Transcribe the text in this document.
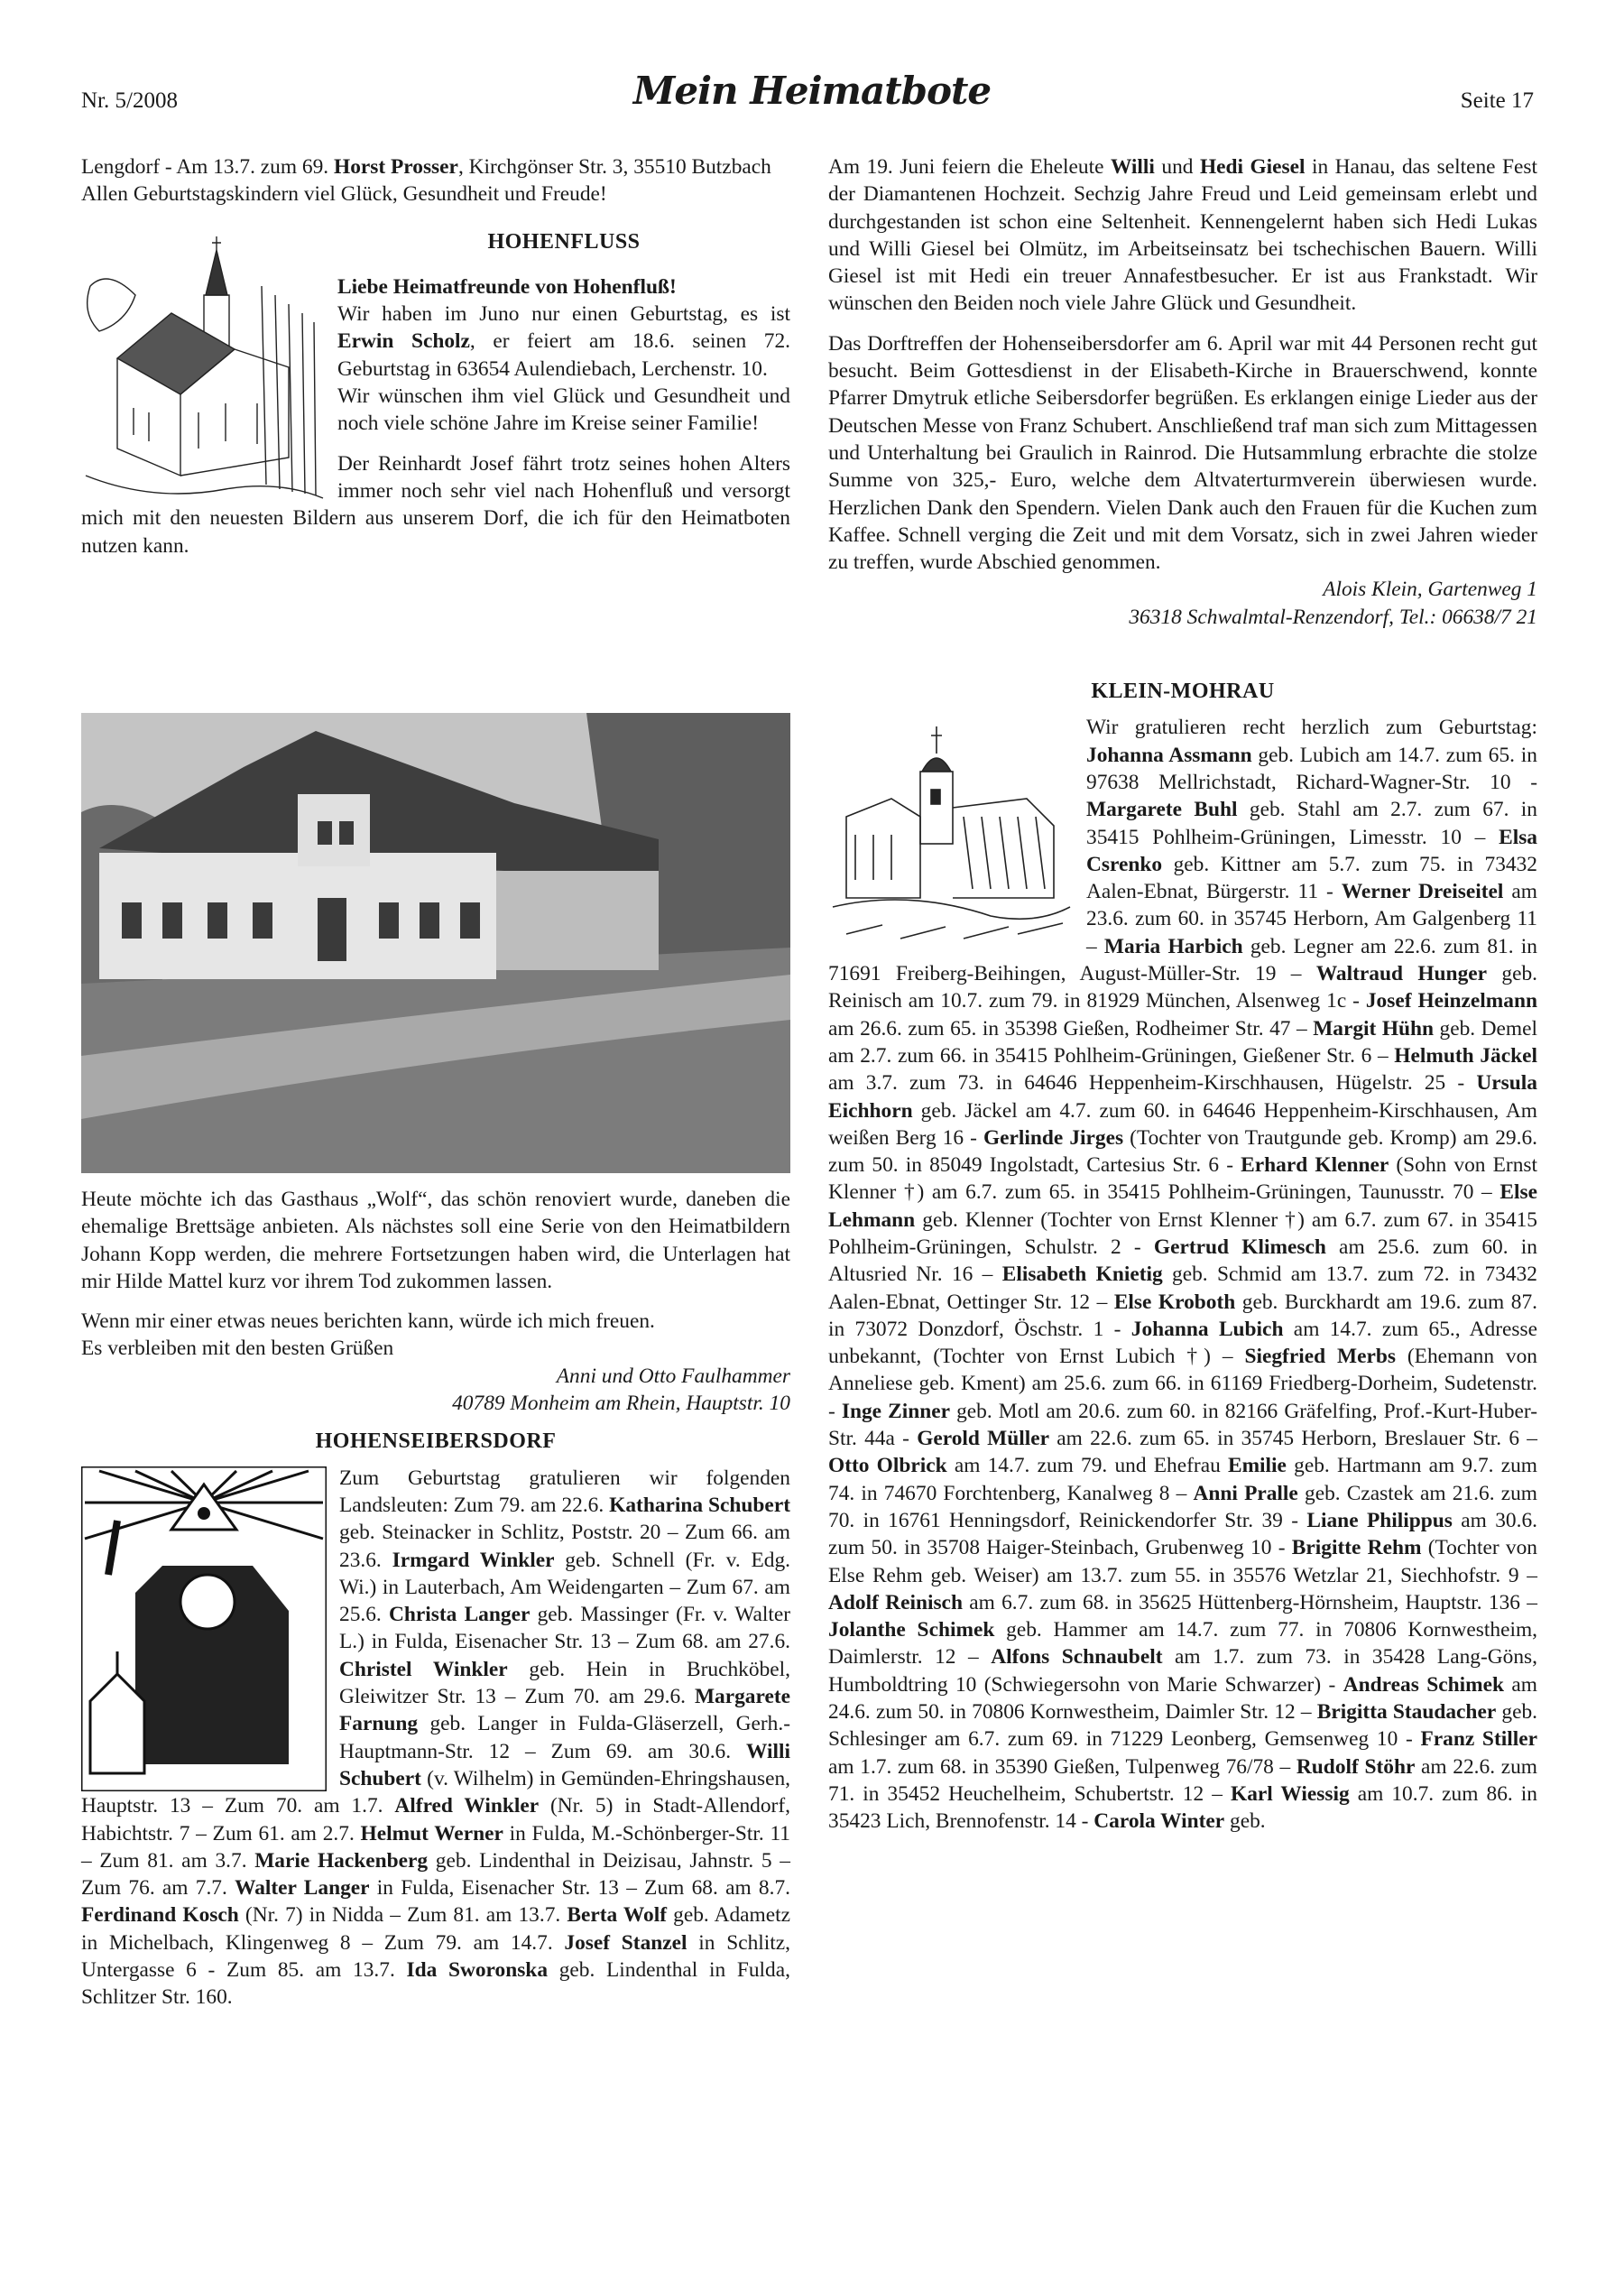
Nr. 5/2008	Mein Heimatbote	Seite 17

Lengdorf - Am 13.7. zum 69. Horst Prosser, Kirchgönser Str. 3, 35510 Butzbach

Allen Geburtstagskindern viel Glück, Gesundheit und Freude!

HOHENFLUSS

Liebe Heimatfreunde von Hohenfluß!

Wir haben im Juno nur einen Geburtstag, es ist Erwin Scholz, er feiert am 18.6. seinen 72. Geburtstag in 63654 Aulendiebach, Lerchenstr. 10.

Wir wünschen ihm viel Glück und Gesundheit und noch viele schöne Jahre im Kreise seiner Familie!

Der Reinhardt Josef fährt trotz seines hohen Alters immer noch sehr viel nach Hohenfluß und versorgt mich mit den neuesten Bildern aus unserem Dorf, die ich für den Heimatboten nutzen kann.

Heute möchte ich das Gasthaus „Wolf“, das schön renoviert wurde, daneben die ehemalige Brettsäge anbieten. Als nächstes soll eine Serie von den Heimatbildern Johann Kopp werden, die mehrere Fortsetzungen haben wird, die Unterlagen hat mir Hilde Mattel kurz vor ihrem Tod zukommen lassen.

Wenn mir einer etwas neues berichten kann, würde ich mich freuen.

Es verbleiben mit den besten Grüßen

Anni und Otto Faulhammer

40789 Monheim am Rhein, Hauptstr. 10

HOHENSEIBERSDORF

Zum Geburtstag gratulieren wir folgenden Landsleuten: Zum 79. am 22.6. Katharina Schubert geb. Steinacker in Schlitz, Poststr. 20 – Zum 66. am 23.6. Irmgard Winkler geb. Schnell (Fr. v. Edg. Wi.) in Lauterbach, Am Weidengarten – Zum 67. am 25.6. Christa Langer geb. Massinger (Fr. v. Walter L.) in Fulda, Eisenacher Str. 13 – Zum 68. am 27.6. Christel Winkler geb. Hein in Bruchköbel, Gleiwitzer Str. 13 – Zum 70. am 29.6. Margarete Farnung geb. Langer in Fulda-Gläserzell, Gerh.-Hauptmann-Str. 12 – Zum 69. am 30.6. Willi Schubert (v. Wilhelm) in Gemünden-Ehringshausen, Hauptstr. 13 – Zum 70. am 1.7. Alfred Winkler (Nr. 5) in Stadt-Allendorf, Habichtstr. 7 – Zum 61. am 2.7. Helmut Werner in Fulda, M.-Schönberger-Str. 11 – Zum 81. am 3.7. Marie Hackenberg geb. Lindenthal in Deizisau, Jahnstr. 5 – Zum 76. am 7.7. Walter Langer in Fulda, Eisenacher Str. 13 – Zum 68. am 8.7. Ferdinand Kosch (Nr. 7) in Nidda – Zum 81. am 13.7. Berta Wolf geb. Adametz in Michelbach, Klingenweg 8 – Zum 79. am 14.7. Josef Stanzel in Schlitz, Untergasse 6 - Zum 85. am 13.7. Ida Sworonska geb. Lindenthal in Fulda, Schlitzer Str. 160.

Am 19. Juni feiern die Eheleute Willi und Hedi Giesel in Hanau, das seltene Fest der Diamantenen Hochzeit. Sechzig Jahre Freud und Leid gemeinsam erlebt und durchgestanden ist schon eine Seltenheit. Kennengelernt haben sich Hedi Lukas und Willi Giesel bei Olmütz, im Arbeitseinsatz bei tschechischen Bauern. Willi Giesel ist mit Hedi ein treuer Annafestbesucher. Er ist aus Frankstadt. Wir wünschen den Beiden noch viele Jahre Glück und Gesundheit.

Das Dorftreffen der Hohenseibersdorfer am 6. April war mit 44 Personen recht gut besucht. Beim Gottesdienst in der Elisabeth-Kirche in Brauerschwend, konnte Pfarrer Dmytruk etliche Seibersdorfer begrüßen. Es erklangen einige Lieder aus der Deutschen Messe von Franz Schubert. Anschließend traf man sich zum Mittagessen und Unterhaltung bei Graulich in Rainrod. Die Hutsammlung erbrachte die stolze Summe von 325,- Euro, welche dem Altvaterturmverein überwiesen wurde. Herzlichen Dank den Spendern. Vielen Dank auch den Frauen für die Kuchen zum Kaffee. Schnell verging die Zeit und mit dem Vorsatz, sich in zwei Jahren wieder zu treffen, wurde Abschied genommen.

Alois Klein, Gartenweg 1

36318 Schwalmtal-Renzendorf, Tel.: 06638/7 21

KLEIN-MOHRAU

Wir gratulieren recht herzlich zum Geburtstag: Johanna Assmann geb. Lubich am 14.7. zum 65. in 97638 Mellrichstadt, Richard-Wagner-Str. 10 - Margarete Buhl geb. Stahl am 2.7. zum 67. in 35415 Pohlheim-Grüningen, Limesstr. 10 – Elsa Csrenko geb. Kittner am 5.7. zum 75. in 73432 Aalen-Ebnat, Bürgerstr. 11 - Werner Dreiseitel am 23.6. zum 60. in 35745 Herborn, Am Galgenberg 11 – Maria Harbich geb. Legner am 22.6. zum 81. in 71691 Freiberg-Beihingen, August-Müller-Str. 19 – Waltraud Hunger geb. Reinisch am 10.7. zum 79. in 81929 München, Alsenweg 1c - Josef Heinzelmann am 26.6. zum 65. in 35398 Gießen, Rodheimer Str. 47 – Margit Hühn geb. Demel am 2.7. zum 66. in 35415 Pohlheim-Grüningen, Gießener Str. 6 – Helmuth Jäckel am 3.7. zum 73. in 64646 Heppenheim-Kirschhausen, Hügelstr. 25 - Ursula Eichhorn geb. Jäckel am 4.7. zum 60. in 64646 Heppenheim-Kirschhausen, Am weißen Berg 16 - Gerlinde Jirges (Tochter von Trautgunde geb. Kromp) am 29.6. zum 50. in 85049 Ingolstadt, Cartesius Str. 6 - Erhard Klenner (Sohn von Ernst Klenner †) am 6.7. zum 65. in 35415 Pohlheim-Grüningen, Taunusstr. 70 – Else Lehmann geb. Klenner (Tochter von Ernst Klenner †) am 6.7. zum 67. in 35415 Pohlheim-Grüningen, Schulstr. 2 - Gertrud Klimesch am 25.6. zum 60. in Altusried Nr. 16 – Elisabeth Knietig geb. Schmid am 13.7. zum 72. in 73432 Aalen-Ebnat, Oettinger Str. 12 – Else Kroboth geb. Burckhardt am 19.6. zum 87. in 73072 Donzdorf, Öschstr. 1 - Johanna Lubich am 14.7. zum 65., Adresse unbekannt, (Tochter von Ernst Lubich †) – Siegfried Merbs (Ehemann von Anneliese geb. Kment) am 25.6. zum 66. in 61169 Friedberg-Dorheim, Sudetenstr. - Inge Zinner geb. Motl am 20.6. zum 60. in 82166 Gräfelfing, Prof.-Kurt-Huber-Str. 44a - Gerold Müller am 22.6. zum 65. in 35745 Herborn, Breslauer Str. 6 – Otto Olbrick am 14.7. zum 79. und Ehefrau Emilie geb. Hartmann am 9.7. zum 74. in 74670 Forchtenberg, Kanalweg 8 – Anni Pralle geb. Czastek am 21.6. zum 70. in 16761 Henningsdorf, Reinickendorfer Str. 39 - Liane Philippus am 30.6. zum 50. in 35708 Haiger-Steinbach, Grubenweg 10 - Brigitte Rehm (Tochter von Else Rehm geb. Weiser) am 13.7. zum 55. in 35576 Wetzlar 21, Siechhofstr. 9 – Adolf Reinisch am 6.7. zum 68. in 35625 Hüttenberg-Hörnsheim, Hauptstr. 136 – Jolanthe Schimek geb. Hammer am 14.7. zum 77. in 70806 Kornwestheim, Daimlerstr. 12 – Alfons Schnaubelt am 1.7. zum 73. in 35428 Lang-Göns, Humboldtring 10 (Schwiegersohn von Marie Schwarzer) - Andreas Schimek am 24.6. zum 50. in 70806 Kornwestheim, Daimler Str. 12 – Brigitta Staudacher geb. Schlesinger am 6.7. zum 69. in 71229 Leonberg, Gemsenweg 10 - Franz Stiller am 1.7. zum 68. in 35390 Gießen, Tulpenweg 76/78 – Rudolf Stöhr am 22.6. zum 71. in 35452 Heuchelheim, Schubertstr. 12 – Karl Wiessig am 10.7. zum 86. in 35423 Lich, Brennofenstr. 14 - Carola Winter geb.
